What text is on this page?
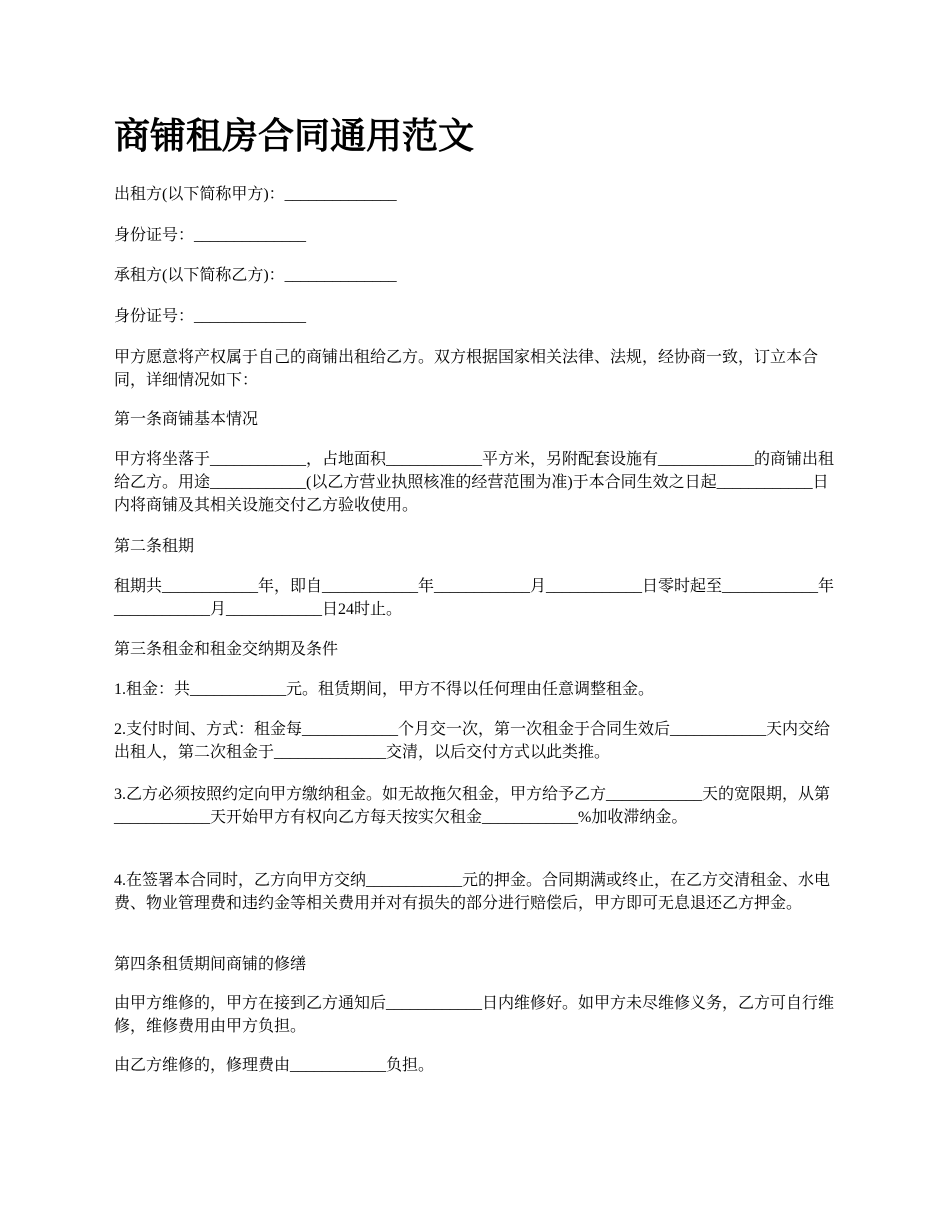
商铺租房合同通用范文

出租方(以下简称甲方)：______________

身份证号：______________

承租方(以下简称乙方)：______________

身份证号：______________

甲方愿意将产权属于自己的商铺出租给乙方。双方根据国家相关法律、法规，经协商一致，订立本合同，详细情况如下：

第一条商铺基本情况

甲方将坐落于____________，占地面积____________平方米，另附配套设施有____________的商铺出租给乙方。用途____________(以乙方营业执照核准的经营范围为准)于本合同生效之日起____________日内将商铺及其相关设施交付乙方验收使用。

第二条租期

租期共____________年，即自____________年____________月____________日零时起至____________年____________月____________日24时止。

第三条租金和租金交纳期及条件

1.租金：共____________元。租赁期间，甲方不得以任何理由任意调整租金。

2.支付时间、方式：租金每____________个月交一次，第一次租金于合同生效后____________天内交给出租人，第二次租金于______________交清，以后交付方式以此类推。

3.乙方必须按照约定向甲方缴纳租金。如无故拖欠租金，甲方给予乙方____________天的宽限期，从第____________天开始甲方有权向乙方每天按实欠租金____________%加收滞纳金。

4.在签署本合同时，乙方向甲方交纳____________元的押金。合同期满或终止，在乙方交清租金、水电费、物业管理费和违约金等相关费用并对有损失的部分进行赔偿后，甲方即可无息退还乙方押金。

第四条租赁期间商铺的修缮

由甲方维修的，甲方在接到乙方通知后____________日内维修好。如甲方未尽维修义务，乙方可自行维修，维修费用由甲方负担。

由乙方维修的，修理费由____________负担。
